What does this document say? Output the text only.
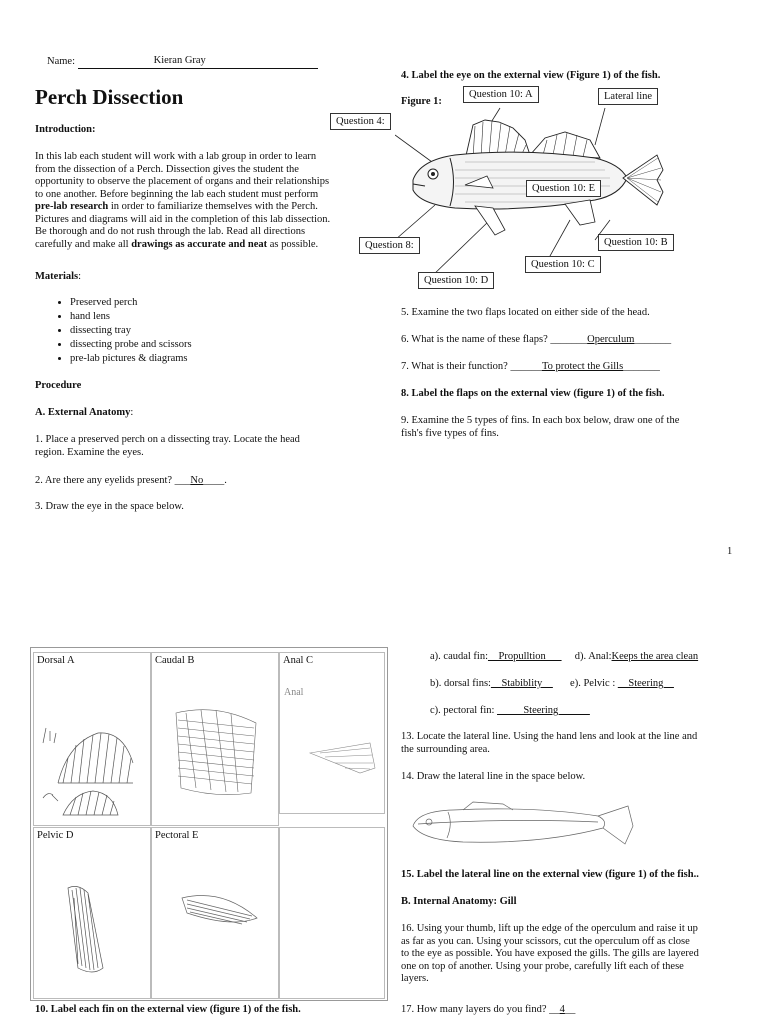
Name:	Kieran Gray
Perch Dissection
Introduction:
In this lab each student will work with a lab group in order to learn
from the dissection of a Perch. Dissection gives the student the
opportunity to observe the placement of organs and their relationships
to one another. Before beginning the lab each student must perform
pre-lab research in order to familiarize themselves with the Perch.
Pictures and diagrams will aid in the completion of this lab dissection.
Be thorough and do not rush through the lab. Read all directions
carefully and make all drawings as accurate and neat as possible.
Materials:
• Preserved perch
• hand lens
• dissecting tray
• dissecting probe and scissors
• pre-lab pictures & diagrams
Procedure
A. External Anatomy:
1. Place a preserved perch on a dissecting tray. Locate the head
region. Examine the eyes.
2. Are there any eyelids present? ___No____.
3. Draw the eye in the space below.
4. Label the eye on the external view (Figure 1) of the fish.
Figure 1:
Question 10: A	Lateral line
Question 4:
Question 10: E
Question 8:	Question 10: B
Question 10: C
Question 10: D
5. Examine the two flaps located on either side of the head.
6. What is the name of these flaps? _______Operculum_______
7. What is their function? ______To protect the Gills_______
8. Label the flaps on the external view (figure 1) of the fish.
9. Examine the 5 types of fins. In each box below, draw one of the
fish's five types of fins.
1
Dorsal A	Caudal B	Anal C
Anal
Pelvic D	Pectoral E
10. Label each fin on the external view (figure 1) of the fish.
a). caudal fin:__Propulltion___ d). Anal:Keeps the area clean
b). dorsal fins:__Stabiblity__ e). Pelvic : __Steering__
c). pectoral fin: _____Steering______
13. Locate the lateral line. Using the hand lens and look at the line and
the surrounding area.
14. Draw the lateral line in the space below.
15. Label the lateral line on the external view (figure 1) of the fish..
B. Internal Anatomy: Gill
16. Using your thumb, lift up the edge of the operculum and raise it up
as far as you can. Using your scissors, cut the operculum off as close
to the eye as possible. You have exposed the gills. The gills are layered
one on top of another. Using your probe, carefully lift each of these
layers.
17. How many layers do you find? __4__
